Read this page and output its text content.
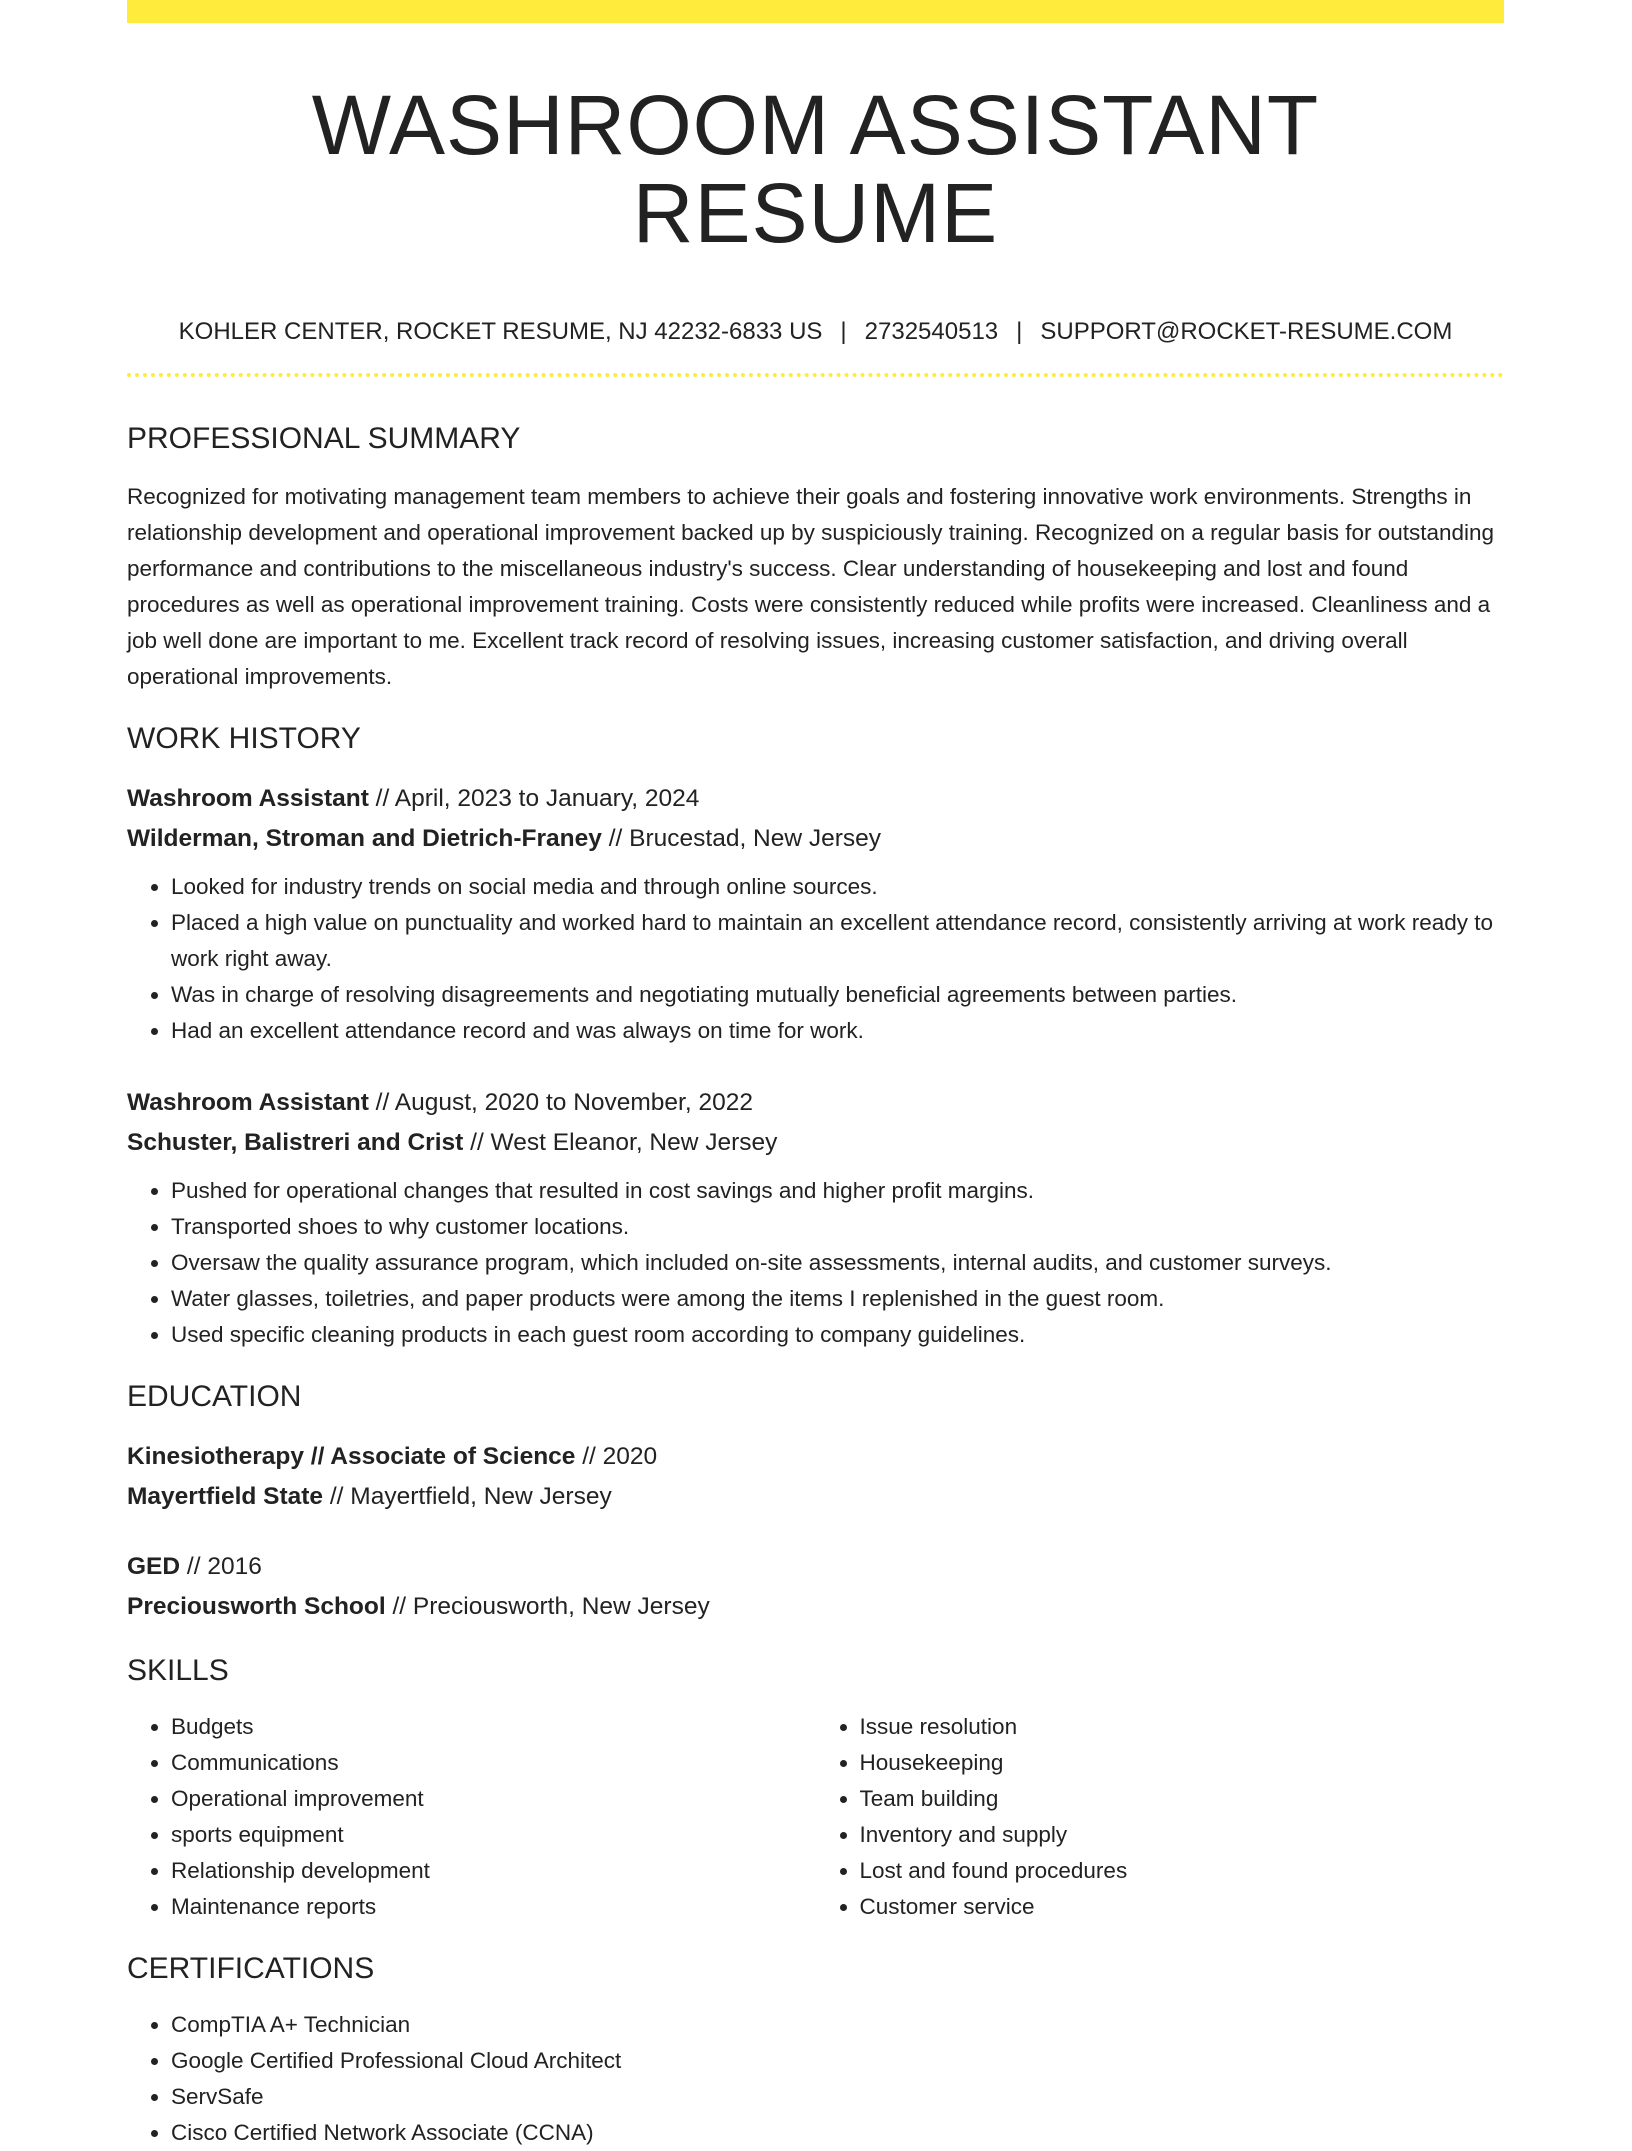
WASHROOM ASSISTANT RESUME
KOHLER CENTER, ROCKET RESUME, NJ 42232-6833 US | 2732540513 | SUPPORT@ROCKET-RESUME.COM
PROFESSIONAL SUMMARY
Recognized for motivating management team members to achieve their goals and fostering innovative work environments. Strengths in relationship development and operational improvement backed up by suspiciously training. Recognized on a regular basis for outstanding performance and contributions to the miscellaneous industry's success. Clear understanding of housekeeping and lost and found procedures as well as operational improvement training. Costs were consistently reduced while profits were increased. Cleanliness and a job well done are important to me. Excellent track record of resolving issues, increasing customer satisfaction, and driving overall operational improvements.
WORK HISTORY
Washroom Assistant // April, 2023 to January, 2024
Wilderman, Stroman and Dietrich-Franey // Brucestad, New Jersey
• Looked for industry trends on social media and through online sources.
• Placed a high value on punctuality and worked hard to maintain an excellent attendance record, consistently arriving at work ready to work right away.
• Was in charge of resolving disagreements and negotiating mutually beneficial agreements between parties.
• Had an excellent attendance record and was always on time for work.
Washroom Assistant // August, 2020 to November, 2022
Schuster, Balistreri and Crist // West Eleanor, New Jersey
• Pushed for operational changes that resulted in cost savings and higher profit margins.
• Transported shoes to why customer locations.
• Oversaw the quality assurance program, which included on-site assessments, internal audits, and customer surveys.
• Water glasses, toiletries, and paper products were among the items I replenished in the guest room.
• Used specific cleaning products in each guest room according to company guidelines.
EDUCATION
Kinesiotherapy // Associate of Science // 2020
Mayertfield State // Mayertfield, New Jersey
GED // 2016
Preciousworth School // Preciousworth, New Jersey
SKILLS
• Budgets
• Communications
• Operational improvement
• sports equipment
• Relationship development
• Maintenance reports
• Issue resolution
• Housekeeping
• Team building
• Inventory and supply
• Lost and found procedures
• Customer service
CERTIFICATIONS
• CompTIA A+ Technician
• Google Certified Professional Cloud Architect
• ServSafe
• Cisco Certified Network Associate (CCNA)
